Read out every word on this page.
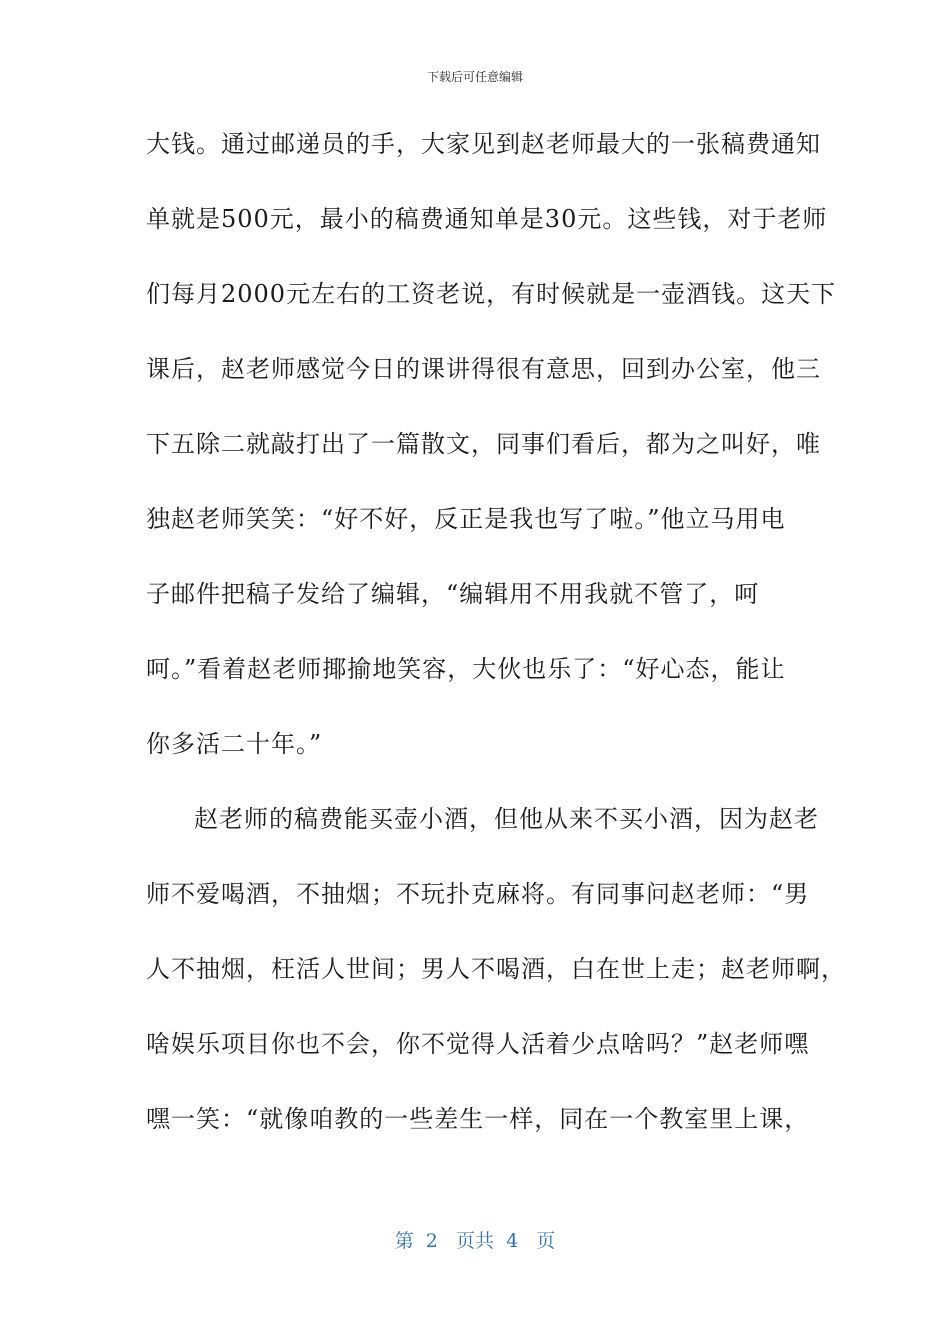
下载后可任意编辑
大钱。通过邮递员的手，大家见到赵老师最大的一张稿费通知
单就是500元，最小的稿费通知单是30元。这些钱，对于老师
们每月2000元左右的工资老说，有时候就是一壶酒钱。这天下
课后，赵老师感觉今日的课讲得很有意思，回到办公室，他三
下五除二就敲打出了一篇散文，同事们看后，都为之叫好，唯
独赵老师笑笑：“好不好，反正是我也写了啦。”他立马用电
子邮件把稿子发给了编辑，“编辑用不用我就不管了，呵
呵。”看着赵老师揶揄地笑容，大伙也乐了：“好心态，能让
你多活二十年。”
赵老师的稿费能买壶小酒，但他从来不买小酒，因为赵老
师不爱喝酒，不抽烟；不玩扑克麻将。有同事问赵老师：“男
人不抽烟，枉活人世间；男人不喝酒，白在世上走；赵老师啊，
啥娱乐项目你也不会，你不觉得人活着少点啥吗？”赵老师嘿
嘿一笑：“就像咱教的一些差生一样，同在一个教室里上课，
第  2   页共  4   页
